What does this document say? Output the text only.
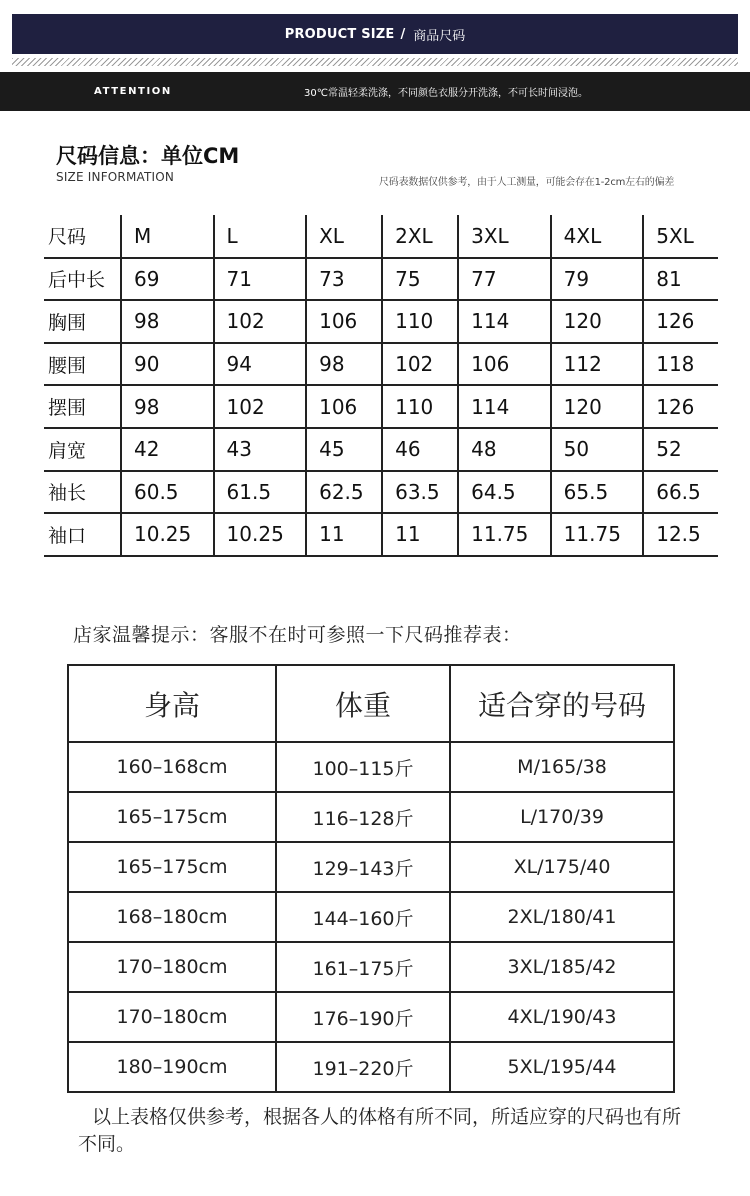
PRODUCT SIZE / 商品尺码
ATTENTION	30℃常温轻柔洗涤，不同颜色衣服分开洗涤，不可长时间浸泡。
尺码信息：单位CM
SIZE INFORMATION	尺码表数据仅供参考，由于人工测量，可能会存在1-2cm左右的偏差
尺码	M	L	XL	2XL	3XL	4XL	5XL
后中长	69	71	73	75	77	79	81
胸围	98	102	106	110	114	120	126
腰围	90	94	98	102	106	112	118
摆围	98	102	106	110	114	120	126
肩宽	42	43	45	46	48	50	52
袖长	60.5	61.5	62.5	63.5	64.5	65.5	66.5
袖口	10.25	10.25	11	11	11.75	11.75	12.5
店家温馨提示：客服不在时可参照一下尺码推荐表：
身高	体重	适合穿的号码
160–168cm	100–115斤	M/165/38
165–175cm	116–128斤	L/170/39
165–175cm	129–143斤	XL/175/40
168–180cm	144–160斤	2XL/180/41
170–180cm	161–175斤	3XL/185/42
170–180cm	176–190斤	4XL/190/43
180–190cm	191–220斤	5XL/195/44
以上表格仅供参考，根据各人的体格有所不同，所适应穿的尺码也有所不同。
